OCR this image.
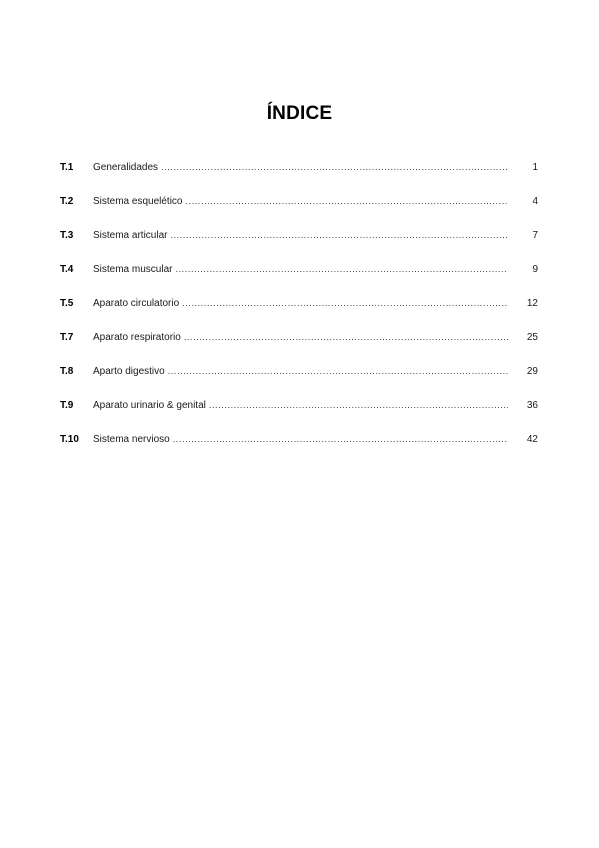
ÍNDICE
T.1	Generalidades .....	1
T.2	Sistema esquelético .....	4
T.3	Sistema articular .....	7
T.4	Sistema muscular .....	9
T.5	Aparato circulatorio .....	12
T.7	Aparato respiratorio .....	25
T.8	Aparto digestivo .....	29
T.9	Aparato urinario & genital .....	36
T.10	Sistema nervioso .....	42
